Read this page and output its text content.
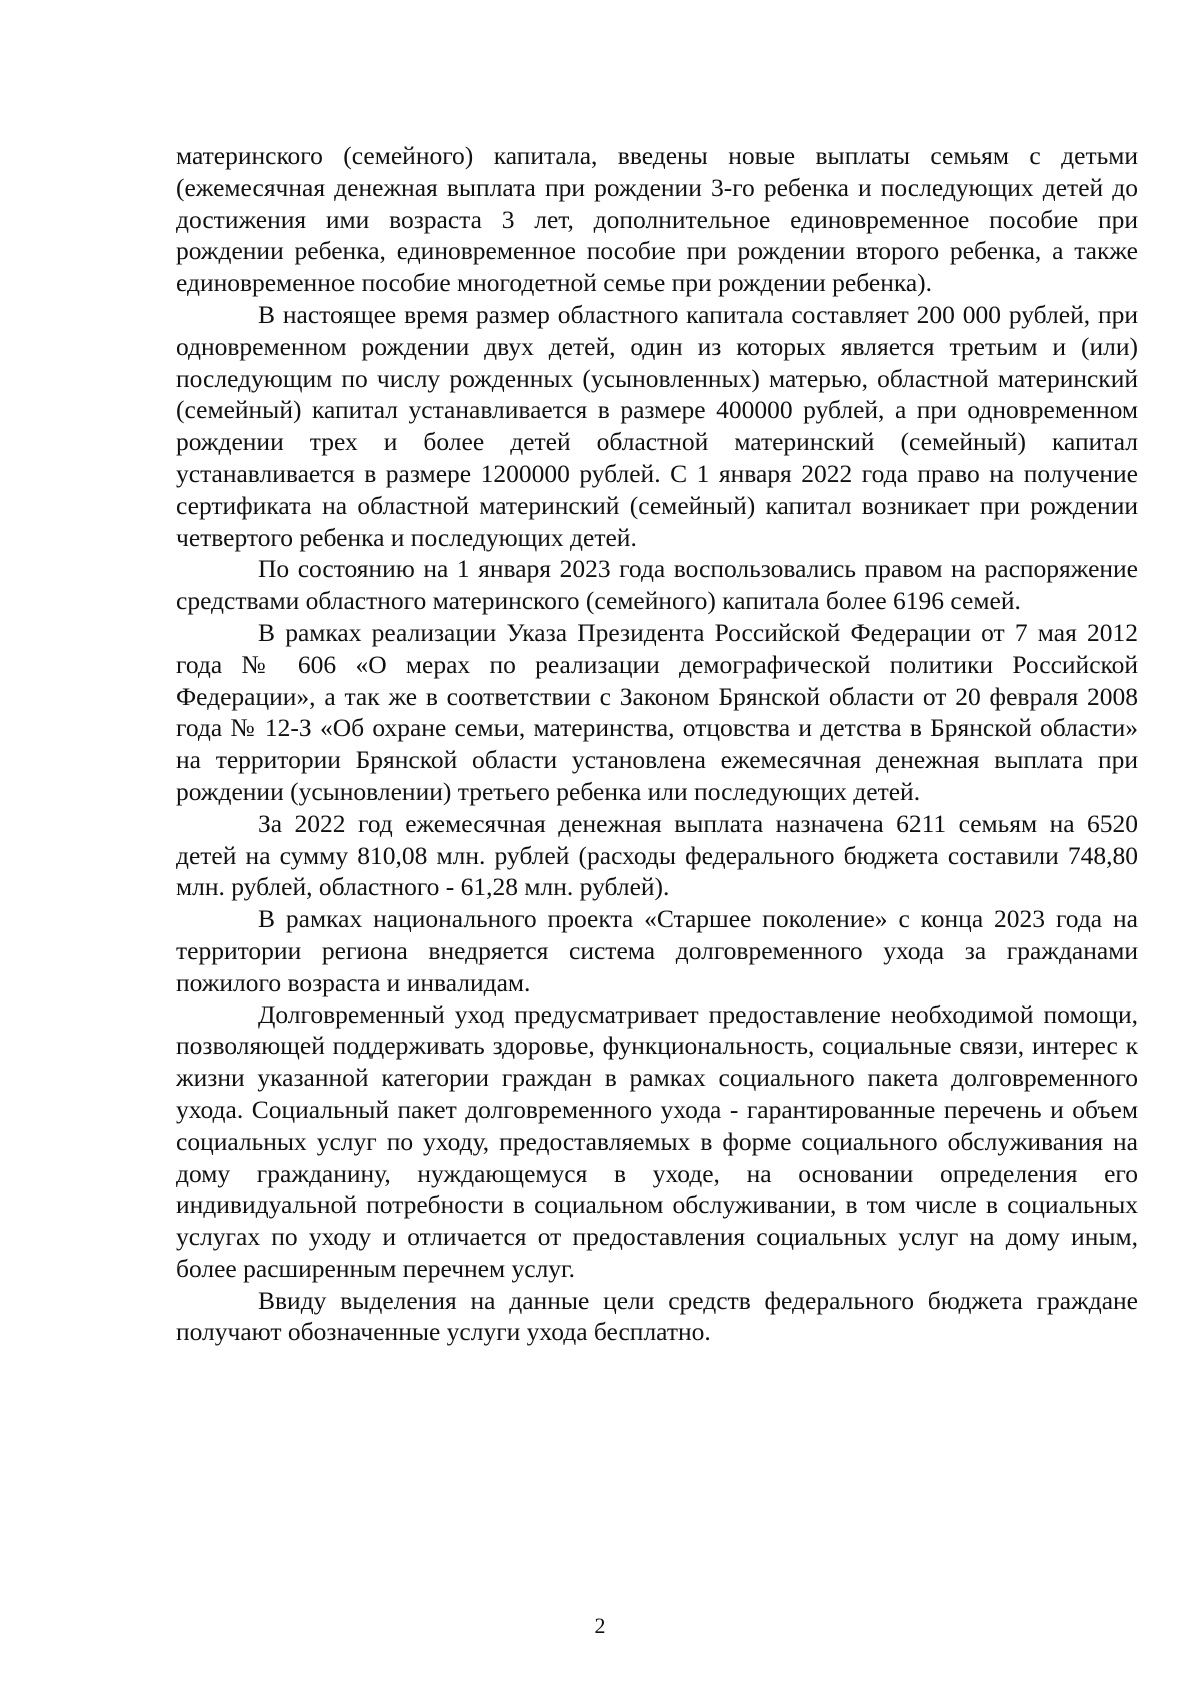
материнского (семейного) капитала, введены новые выплаты семьям с детьми (ежемесячная денежная выплата при рождении 3-го ребенка и последующих детей до достижения ими возраста 3 лет, дополнительное единовременное пособие при рождении ребенка, единовременное пособие при рождении второго ребенка, а также единовременное пособие многодетной семье при рождении ребенка).

В настоящее время размер областного капитала составляет 200 000 рублей, при одновременном рождении двух детей, один из которых является третьим и (или) последующим по числу рожденных (усыновленных) матерью, областной материнский (семейный) капитал устанавливается в размере 400000 рублей, а при одновременном рождении трех и более детей областной материнский (семейный) капитал устанавливается в размере 1200000 рублей. С 1 января 2022 года право на получение сертификата на областной материнский (семейный) капитал возникает при рождении четвертого ребенка и последующих детей.

По состоянию на 1 января 2023 года воспользовались правом на распоряжение средствами областного материнского (семейного) капитала более 6196 семей.

В рамках реализации Указа Президента Российской Федерации от 7 мая 2012 года № 606 «О мерах по реализации демографической политики Российской Федерации», а так же в соответствии с Законом Брянской области от 20 февраля 2008 года № 12-З «Об охране семьи, материнства, отцовства и детства в Брянской области» на территории Брянской области установлена ежемесячная денежная выплата при рождении (усыновлении) третьего ребенка или последующих детей.

За 2022 год ежемесячная денежная выплата назначена 6211 семьям на 6520 детей на сумму 810,08 млн. рублей (расходы федерального бюджета составили 748,80 млн. рублей, областного - 61,28 млн. рублей).

В рамках национального проекта «Старшее поколение» с конца 2023 года на территории региона внедряется система долговременного ухода за гражданами пожилого возраста и инвалидам.

Долговременный уход предусматривает предоставление необходимой помощи, позволяющей поддерживать здоровье, функциональность, социальные связи, интерес к жизни указанной категории граждан в рамках социального пакета долговременного ухода. Социальный пакет долговременного ухода - гарантированные перечень и объем социальных услуг по уходу, предоставляемых в форме социального обслуживания на дому гражданину, нуждающемуся в уходе, на основании определения его индивидуальной потребности в социальном обслуживании, в том числе в социальных услугах по уходу и отличается от предоставления социальных услуг на дому иным, более расширенным перечнем услуг.

Ввиду выделения на данные цели средств федерального бюджета граждане получают обозначенные услуги ухода бесплатно.

2
